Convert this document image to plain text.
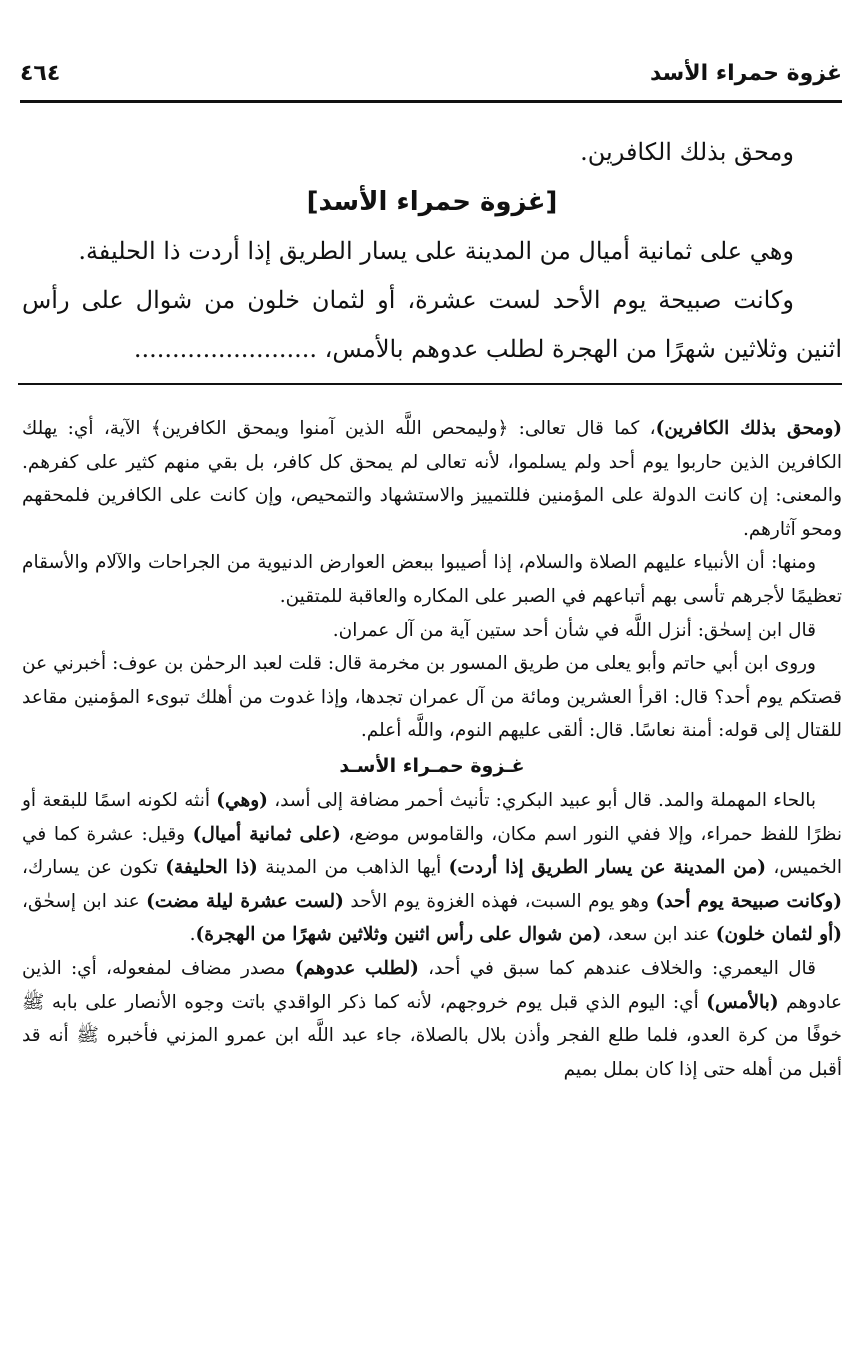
غزوة حمراء الأسد
٤٦٤

ومحق بذلك الكافرين.

[غزوة حمراء الأسد]

وهي على ثمانية أميال من المدينة على يسار الطريق إذا أردت ذا الحليفة.

وكانت صبيحة يوم الأحد لست عشرة، أو لثمان خلون من شوال على رأس اثنين وثلاثين شهرًا من الهجرة لطلب عدوهم بالأمس، ........................

(ومحق بذلك الكافرين)، كما قال تعالى: ﴿وليمحص اللَّه الذين آمنوا ويمحق الكافرين﴾ الآية، أي: يهلك الكافرين الذين حاربوا يوم أحد ولم يسلموا، لأنه تعالى لم يمحق كل كافر، بل بقي منهم كثير على كفرهم. والمعنى: إن كانت الدولة على المؤمنين فللتمييز والاستشهاد والتمحيص، وإن كانت على الكافرين فلمحقهم ومحو آثارهم.

ومنها: أن الأنبياء عليهم الصلاة والسلام، إذا أصيبوا ببعض العوارض الدنيوية من الجراحات والآلام والأسقام تعظيمًا لأجرهم تأسى بهم أتباعهم في الصبر على المكاره والعاقبة للمتقين.

قال ابن إسحٰق: أنزل اللَّه في شأن أحد ستين آية من آل عمران.

وروى ابن أبي حاتم وأبو يعلى من طريق المسور بن مخرمة قال: قلت لعبد الرحمٰن بن عوف: أخبرني عن قصتكم يوم أحد؟ قال: اقرأ العشرين ومائة من آل عمران تجدها، وإذا غدوت من أهلك تبوىء المؤمنين مقاعد للقتال إلى قوله: أمنة نعاسًا. قال: ألقى عليهم النوم، واللَّه أعلم.

غـزوة حمـراء الأسـد

بالحاء المهملة والمد. قال أبو عبيد البكري: تأنيث أحمر مضافة إلى أسد، (وهي) أنثه لكونه اسمًا للبقعة أو نظرًا للفظ حمراء، وإلا ففي النور اسم مكان، والقاموس موضع، (على ثمانية أميال) وقيل: عشرة كما في الخميس، (من المدينة عن يسار الطريق إذا أردت) أيها الذاهب من المدينة (ذا الحليفة) تكون عن يسارك، (وكانت صبيحة يوم أحد) وهو يوم السبت، فهذه الغزوة يوم الأحد (لست عشرة ليلة مضت) عند ابن إسحٰق، (أو لثمان خلون) عند ابن سعد، (من شوال على رأس اثنين وثلاثين شهرًا من الهجرة).

قال اليعمري: والخلاف عندهم كما سبق في أحد، (لطلب عدوهم) مصدر مضاف لمفعوله، أي: الذين عادوهم (بالأمس) أي: اليوم الذي قبل يوم خروجهم، لأنه كما ذكر الواقدي باتت وجوه الأنصار على بابه ﷺ خوفًا من كرة العدو، فلما طلع الفجر وأذن بلال بالصلاة، جاء عبد اللَّه ابن عمرو المزني فأخبره ﷺ أنه قد أقبل من أهله حتى إذا كان بملل بميم
